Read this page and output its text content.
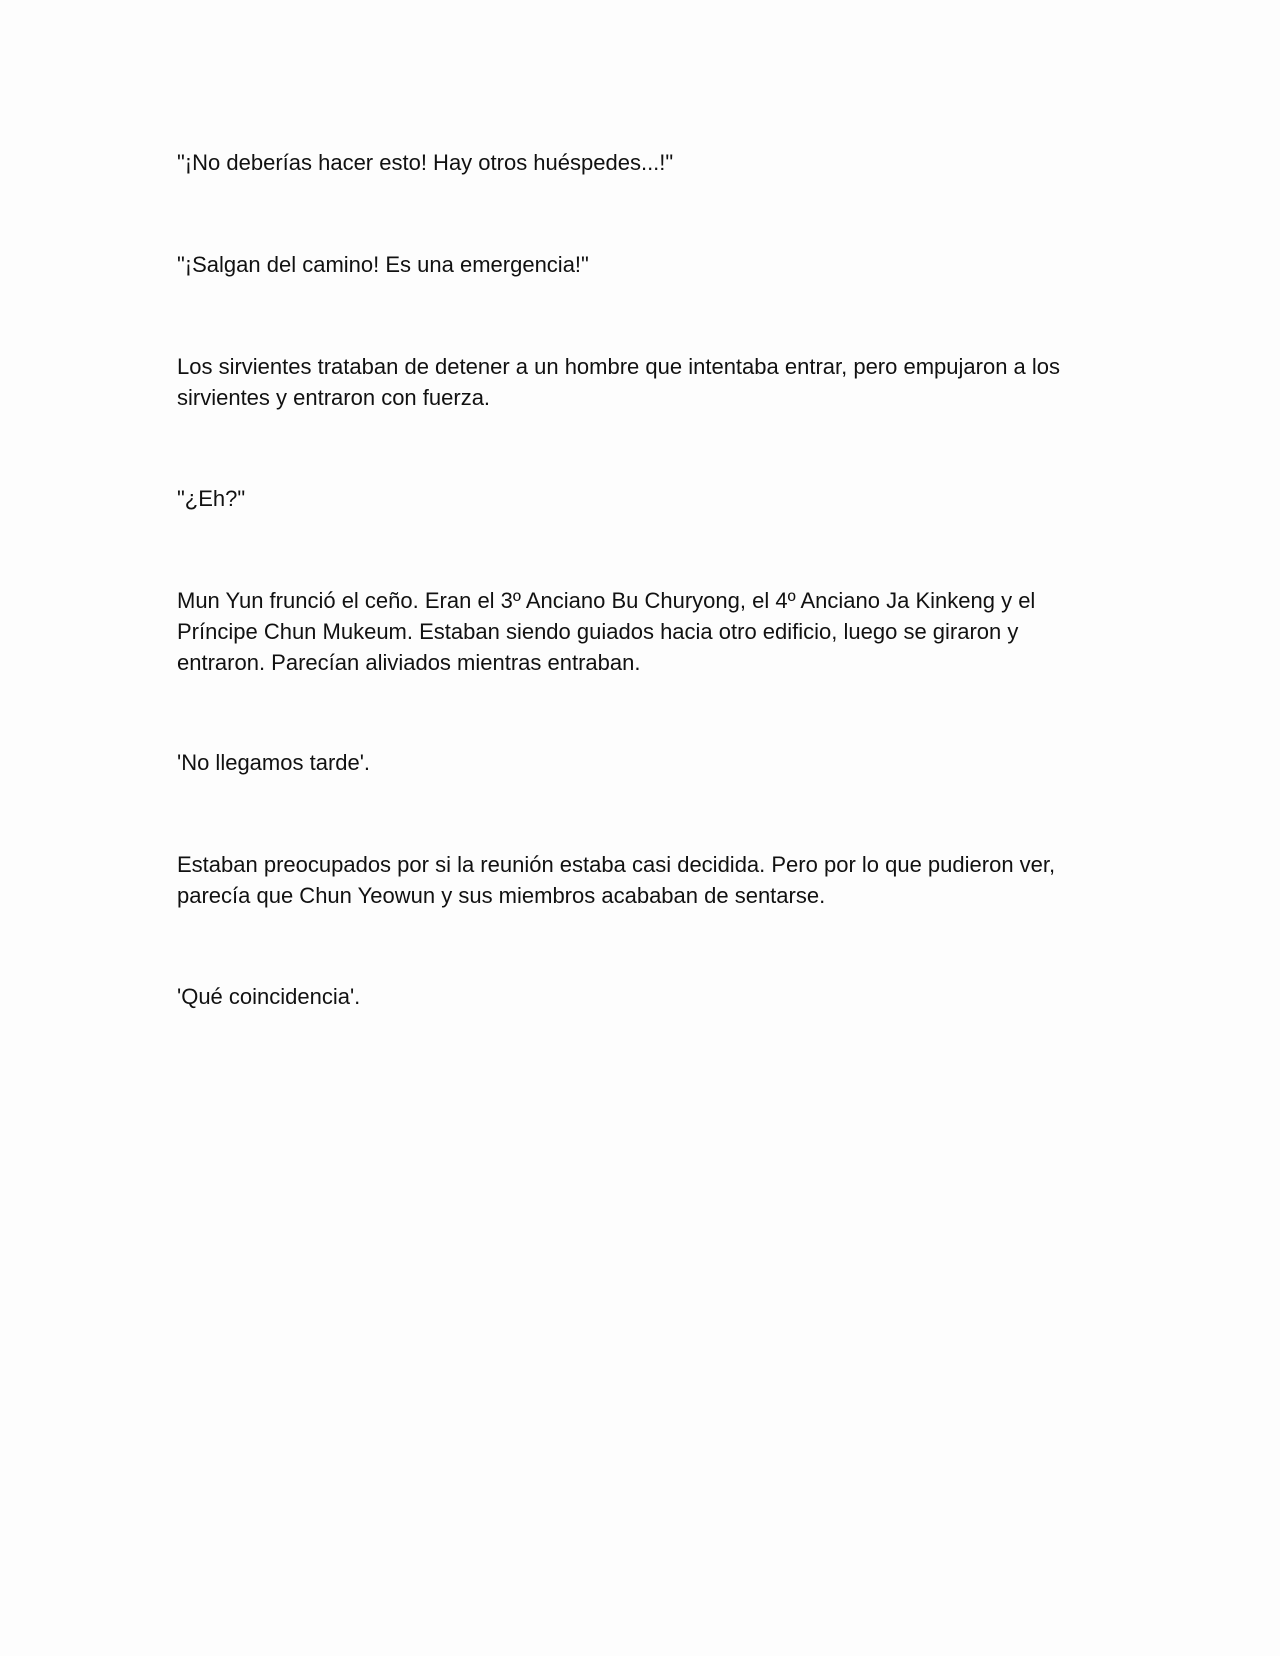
"¡No deberías hacer esto! Hay otros huéspedes...!"

"¡Salgan del camino! Es una emergencia!"

Los sirvientes trataban de detener a un hombre que intentaba entrar, pero empujaron a los sirvientes y entraron con fuerza.

"¿Eh?"

Mun Yun frunció el ceño. Eran el 3º Anciano Bu Churyong, el 4º Anciano Ja Kinkeng y el Príncipe Chun Mukeum. Estaban siendo guiados hacia otro edificio, luego se giraron y entraron. Parecían aliviados mientras entraban.

'No llegamos tarde'.

Estaban preocupados por si la reunión estaba casi decidida. Pero por lo que pudieron ver, parecía que Chun Yeowun y sus miembros acababan de sentarse.

'Qué coincidencia'.
